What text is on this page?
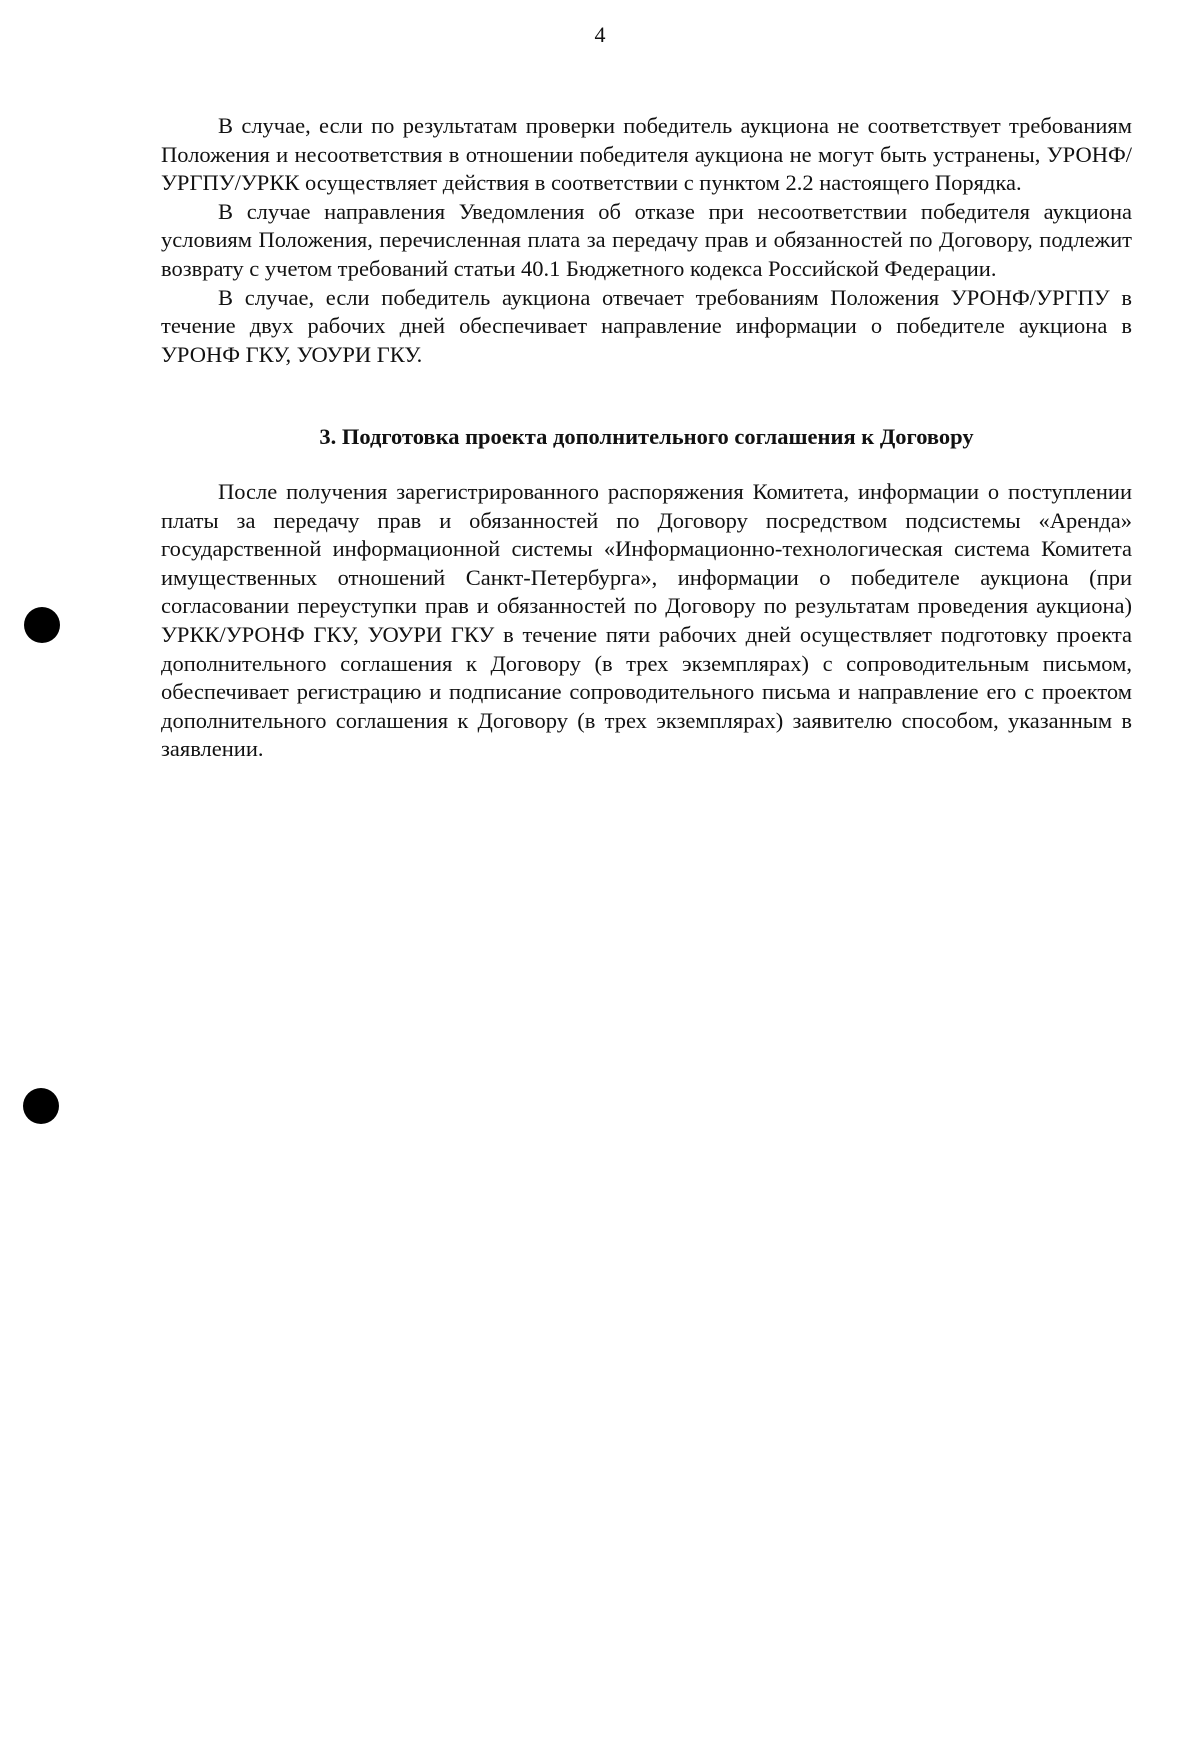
4

В случае, если по результатам проверки победитель аукциона не соответствует требованиям Положения и несоответствия в отношении победителя аукциона не могут быть устранены, УРОНФ/УРГПУ/УРКК осуществляет действия в соответствии с пунктом 2.2 настоящего Порядка.

В случае направления Уведомления об отказе при несоответствии победителя аукциона условиям Положения, перечисленная плата за передачу прав и обязанностей по Договору, подлежит возврату с учетом требований статьи 40.1 Бюджетного кодекса Российской Федерации.

В случае, если победитель аукциона отвечает требованиям Положения УРОНФ/УРГПУ в течение двух рабочих дней обеспечивает направление информации о победителе аукциона в УРОНФ ГКУ, УОУРИ ГКУ.

3. Подготовка проекта дополнительного соглашения к Договору

После получения зарегистрированного распоряжения Комитета, информации о поступлении платы за передачу прав и обязанностей по Договору посредством подсистемы «Аренда» государственной информационной системы «Информационно-технологическая система Комитета имущественных отношений Санкт-Петербурга», информации о победителе аукциона (при согласовании переуступки прав и обязанностей по Договору по результатам проведения аукциона) УРКК/УРОНФ ГКУ, УОУРИ ГКУ в течение пяти рабочих дней осуществляет подготовку проекта дополнительного соглашения к Договору (в трех экземплярах) с сопроводительным письмом, обеспечивает регистрацию и подписание сопроводительного письма и направление его с проектом дополнительного соглашения к Договору (в трех экземплярах) заявителю способом, указанным в заявлении.
